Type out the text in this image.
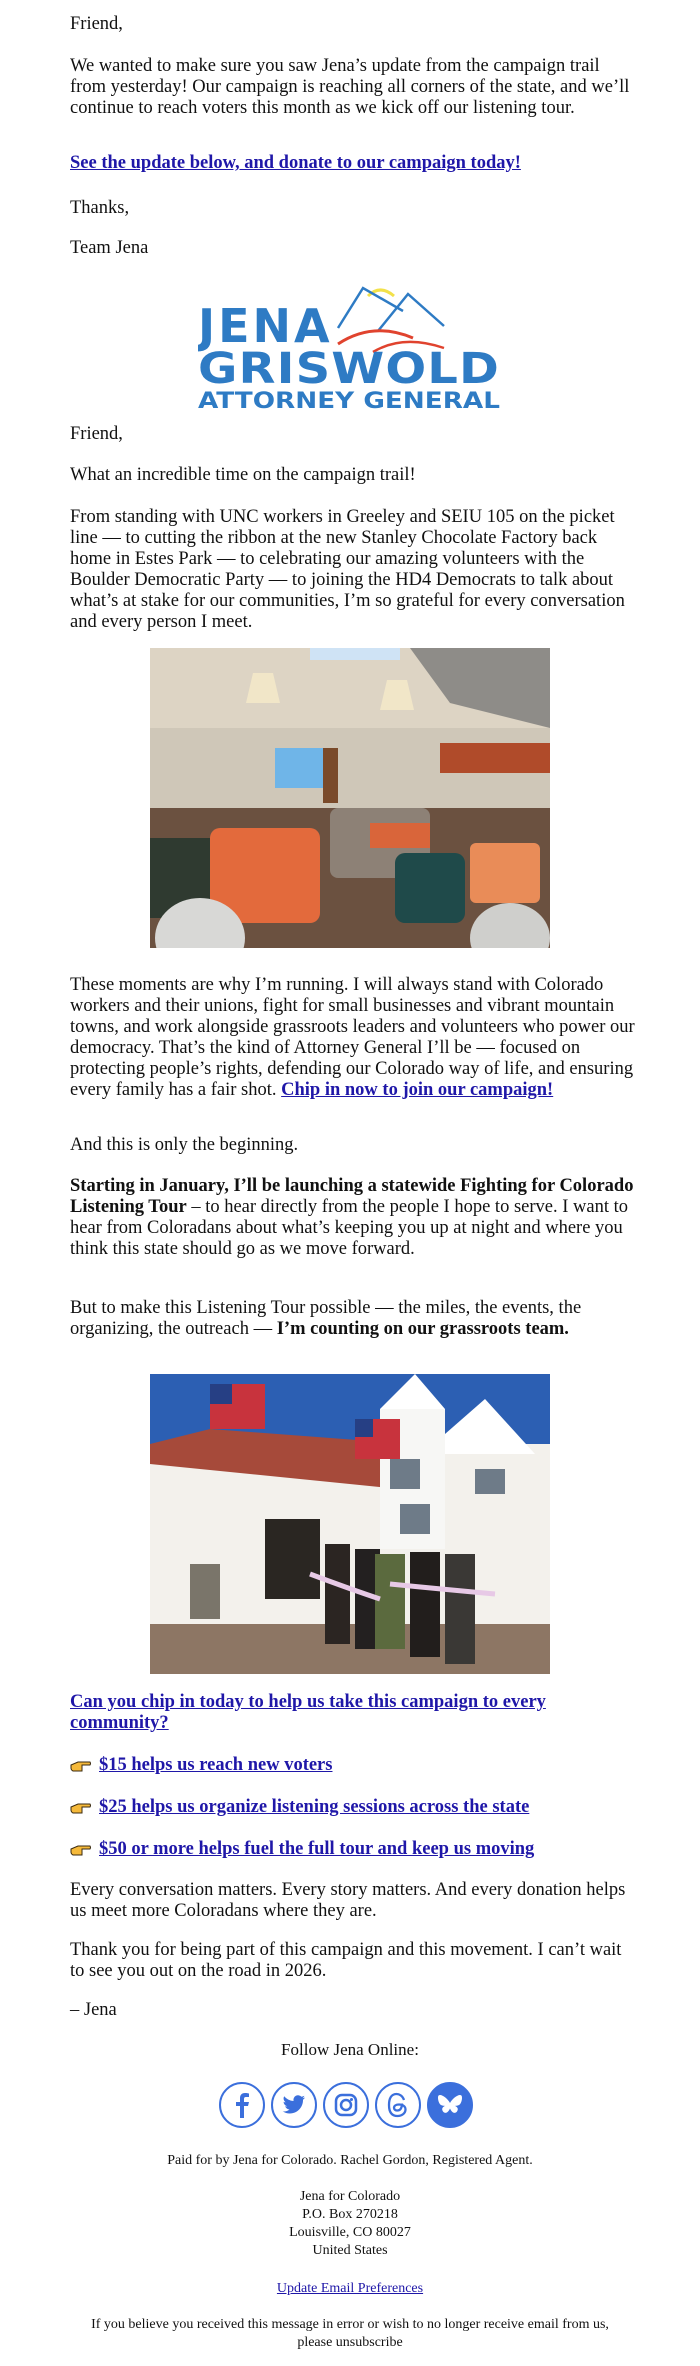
Friend,

We wanted to make sure you saw Jena’s update from the campaign trail from yesterday! Our campaign is reaching all corners of the state, and we’ll continue to reach voters this month as we kick off our listening tour.

See the update below, and donate to our campaign today!

Thanks,

Team Jena

JENA
GRISWOLD
ATTORNEY GENERAL

Friend,

What an incredible time on the campaign trail!

From standing with UNC workers in Greeley and SEIU 105 on the picket line — to cutting the ribbon at the new Stanley Chocolate Factory back home in Estes Park — to celebrating our amazing volunteers with the Boulder Democratic Party — to joining the HD4 Democrats to talk about what’s at stake for our communities, I’m so grateful for every conversation and every person I meet.

These moments are why I’m running. I will always stand with Colorado workers and their unions, fight for small businesses and vibrant mountain towns, and work alongside grassroots leaders and volunteers who power our democracy. That’s the kind of Attorney General I’ll be — focused on protecting people’s rights, defending our Colorado way of life, and ensuring every family has a fair shot. Chip in now to join our campaign!

And this is only the beginning.

Starting in January, I’ll be launching a statewide Fighting for Colorado Listening Tour – to hear directly from the people I hope to serve. I want to hear from Coloradans about what’s keeping you up at night and where you think this state should go as we move forward.

But to make this Listening Tour possible — the miles, the events, the organizing, the outreach — I’m counting on our grassroots team.

Can you chip in today to help us take this campaign to every community?

$15 helps us reach new voters
$25 helps us organize listening sessions across the state
$50 or more helps fuel the full tour and keep us moving

Every conversation matters. Every story matters. And every donation helps us meet more Coloradans where they are.

Thank you for being part of this campaign and this movement. I can’t wait to see you out on the road in 2026.

– Jena

Follow Jena Online:
Paid for by Jena for Colorado. Rachel Gordon, Registered Agent.
Jena for Colorado
P.O. Box 270218
Louisville, CO 80027
United States
Update Email Preferences
If you believe you received this message in error or wish to no longer receive email from us, please unsubscribe
